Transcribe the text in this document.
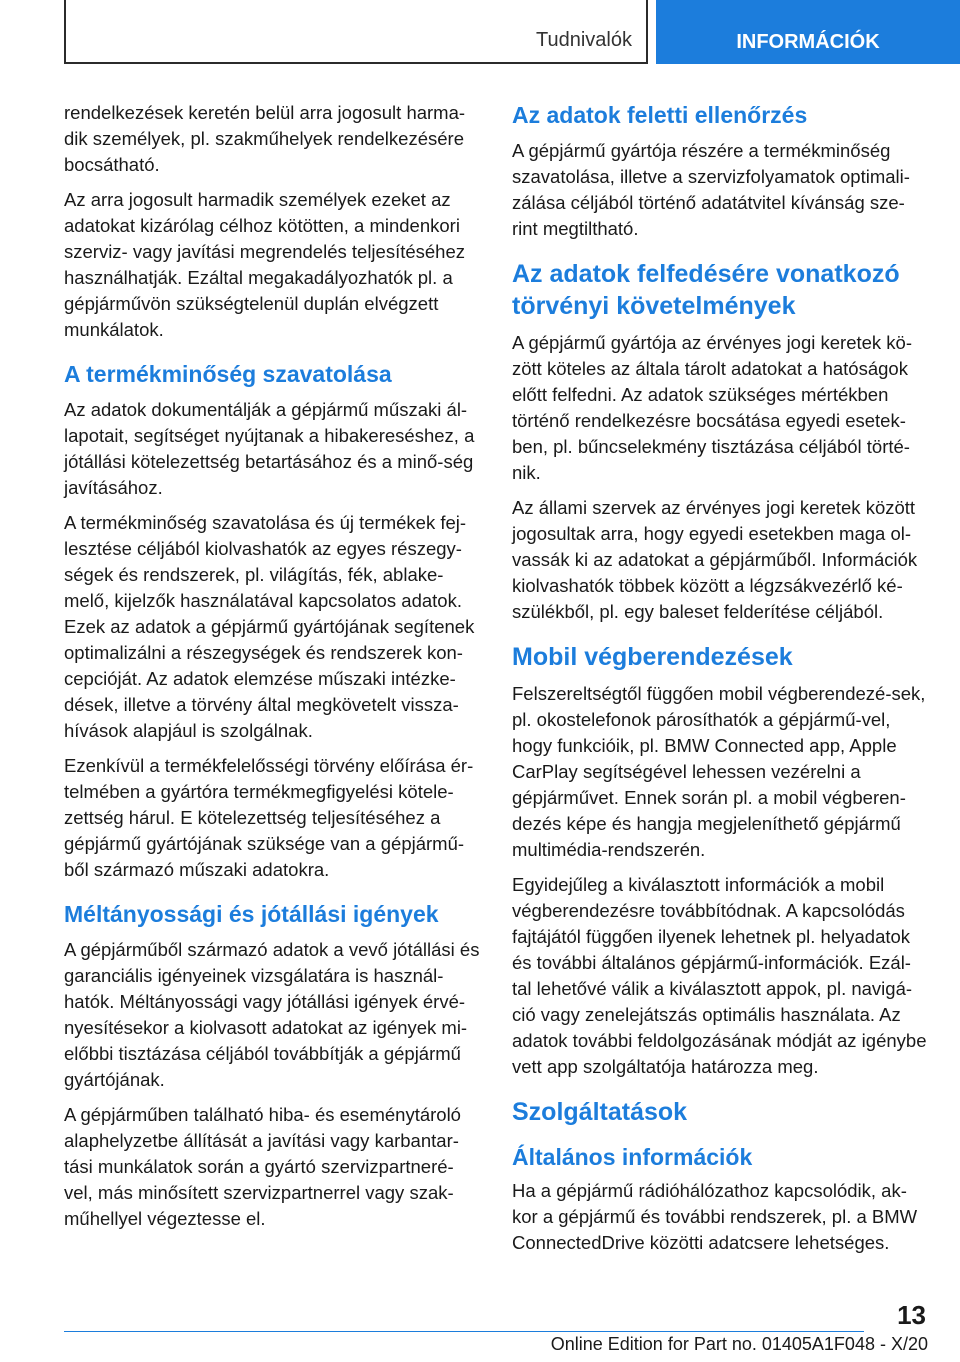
Tudnivalók	INFORMÁCIÓK

rendelkezések keretén belül arra jogosult harma-dik személyek, pl. szakműhelyek rendelkezésére bocsátható.

Az arra jogosult harmadik személyek ezeket az adatokat kizárólag célhoz kötötten, a mindenkori szerviz- vagy javítási megrendelés teljesítéséhez használhatják. Ezáltal megakadályozhatók pl. a gépjárművön szükségtelenül duplán elvégzett munkálatok.

A termékminőség szavatolása

Az adatok dokumentálják a gépjármű műszaki ál-lapotait, segítséget nyújtanak a hibakereséshez, a jótállási kötelezettség betartásához és a minő-ség javításához.

A termékminőség szavatolása és új termékek fej-lesztése céljából kiolvashatók az egyes részegy-ségek és rendszerek, pl. világítás, fék, ablake-melő, kijelzők használatával kapcsolatos adatok. Ezek az adatok a gépjármű gyártójának segítenek optimalizálni a részegységek és rendszerek kon-cepcióját. Az adatok elemzése műszaki intézke-dések, illetve a törvény által megkövetelt vissza-hívások alapjául is szolgálnak.

Ezenkívül a termékfelelősségi törvény előírása ér-telmében a gyártóra termékmegfigyelési kötele-zettség hárul. E kötelezettség teljesítéséhez a gépjármű gyártójának szüksége van a gépjármű-ből származó műszaki adatokra.

Méltányossági és jótállási igények

A gépjárműből származó adatok a vevő jótállási és garanciális igényeinek vizsgálatára is használ-hatók. Méltányossági vagy jótállási igények érvé-nyesítésekor a kiolvasott adatokat az igények mi-előbbi tisztázása céljából továbbítják a gépjármű gyártójának.

A gépjárműben található hiba- és eseménytároló alaphelyzetbe állítását a javítási vagy karbantar-tási munkálatok során a gyártó szervizpartneré-vel, más minősített szervizpartnerrel vagy szak-műhellyel végeztesse el.

Az adatok feletti ellenőrzés

A gépjármű gyártója részére a termékminőség szavatolása, illetve a szervizfolyamatok optimali-zálása céljából történő adatátvitel kívánság sze-rint megtiltható.

Az adatok felfedésére vonatkozó törvényi követelmények

A gépjármű gyártója az érvényes jogi keretek kö-zött köteles az általa tárolt adatokat a hatóságok előtt felfedni. Az adatok szükséges mértékben történő rendelkezésre bocsátása egyedi esetek-ben, pl. bűncselekmény tisztázása céljából törté-nik.

Az állami szervek az érvényes jogi keretek között jogosultak arra, hogy egyedi esetekben maga ol-vassák ki az adatokat a gépjárműből. Információk kiolvashatók többek között a légzsákvezérlő ké-szülékből, pl. egy baleset felderítése céljából.

Mobil végberendezések

Felszereltségtől függően mobil végberendezé-sek, pl. okostelefonok párosíthatók a gépjármű-vel, hogy funkcióik, pl. BMW Connected app, Apple CarPlay segítségével lehessen vezérelni a gépjárművet. Ennek során pl. a mobil végberen-dezés képe és hangja megjeleníthető gépjármű multimédia-rendszerén.

Egyidejűleg a kiválasztott információk a mobil végberendezésre továbbítódnak. A kapcsolódás fajtájától függően ilyenek lehetnek pl. helyadatok és további általános gépjármű-információk. Ezál-tal lehetővé válik a kiválasztott appok, pl. navigá-ció vagy zenelejátszás optimális használata. Az adatok további feldolgozásának módját az igénybe vett app szolgáltatója határozza meg.

Szolgáltatások
Általános információk

Ha a gépjármű rádióhálózathoz kapcsolódik, ak-kor a gépjármű és további rendszerek, pl. a BMW ConnectedDrive közötti adatcsere lehetséges.

13
Online Edition for Part no. 01405A1F048 - X/20
